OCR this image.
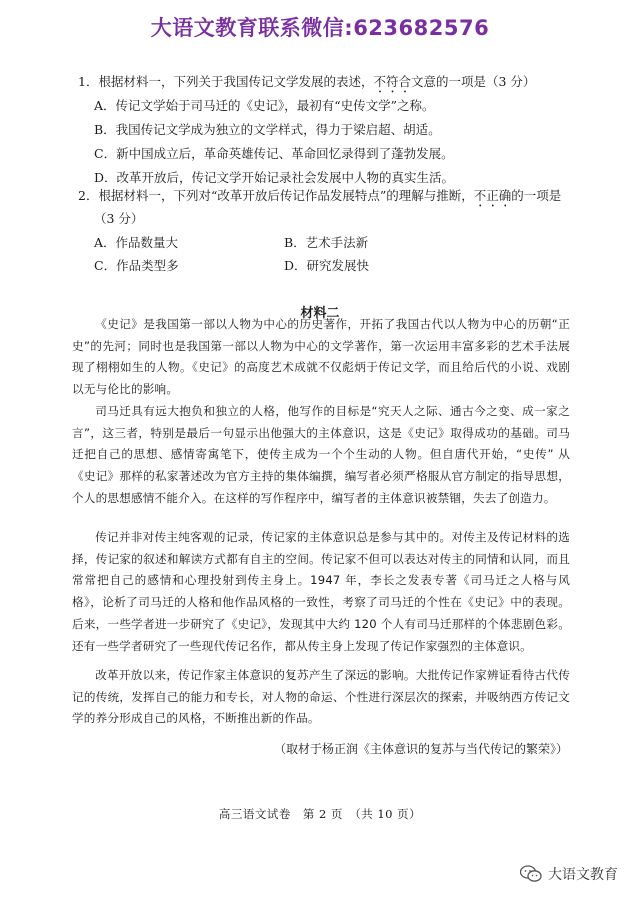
大语文教育联系微信:623682576
1．根据材料一，下列关于我国传记文学发展的表述，不符合文意的一项是（3 分）
A．传记文学始于司马迁的《史记》，最初有“史传文学”之称。
B．我国传记文学成为独立的文学样式，得力于梁启超、胡适。
C．新中国成立后，革命英雄传记、革命回忆录得到了蓬勃发展。
D．改革开放后，传记文学开始记录社会发展中人物的真实生活。
2．根据材料一，下列对“改革开放后传记作品发展特点”的理解与推断，不正确的一项是
（3 分）
A．作品数量大	B．艺术手法新
C．作品类型多	D．研究发展快
材料二

《史记》是我国第一部以人物为中心的历史著作，开拓了我国古代以人物为中心的历朝“正史”的先河；同时也是我国第一部以人物为中心的文学著作，第一次运用丰富多彩的艺术手法展现了栩栩如生的人物。《史记》的高度艺术成就不仅彪炳于传记文学，而且给后代的小说、戏剧以无与伦比的影响。

司马迁具有远大抱负和独立的人格，他写作的目标是“究天人之际、通古今之变、成一家之言”，这三者，特别是最后一句显示出他强大的主体意识，这是《史记》取得成功的基础。司马迁把自己的思想、感情寄寓笔下，使传主成为一个个生动的人物。但自唐代开始，“史传” 从《史记》那样的私家著述改为官方主持的集体编撰，编写者必须严格服从官方制定的指导思想，个人的思想感情不能介入。在这样的写作程序中，编写者的主体意识被禁锢，失去了创造力。

传记并非对传主纯客观的记录，传记家的主体意识总是参与其中的。对传主及传记材料的选择，传记家的叙述和解读方式都有自主的空间。传记家不但可以表达对传主的同情和认同，而且常常把自己的感情和心理投射到传主身上。1947 年，李长之发表专著《司马迁之人格与风格》，论析了司马迁的人格和他作品风格的一致性，考察了司马迁的个性在《史记》中的表现。后来，一些学者进一步研究了《史记》，发现其中大约 120 个人有司马迁那样的个体悲剧色彩。还有一些学者研究了一些现代传记名作，都从传主身上发现了传记作家强烈的主体意识。

改革开放以来，传记作家主体意识的复苏产生了深远的影响。大批传记作家辨证看待古代传记的传统，发挥自己的能力和专长，对人物的命运、个性进行深层次的探索，并吸纳西方传记文学的养分形成自己的风格，不断推出新的作品。

（取材于杨正润《主体意识的复苏与当代传记的繁荣》）
高三语文试卷　第 2 页　（共 10 页）
大语文教育
